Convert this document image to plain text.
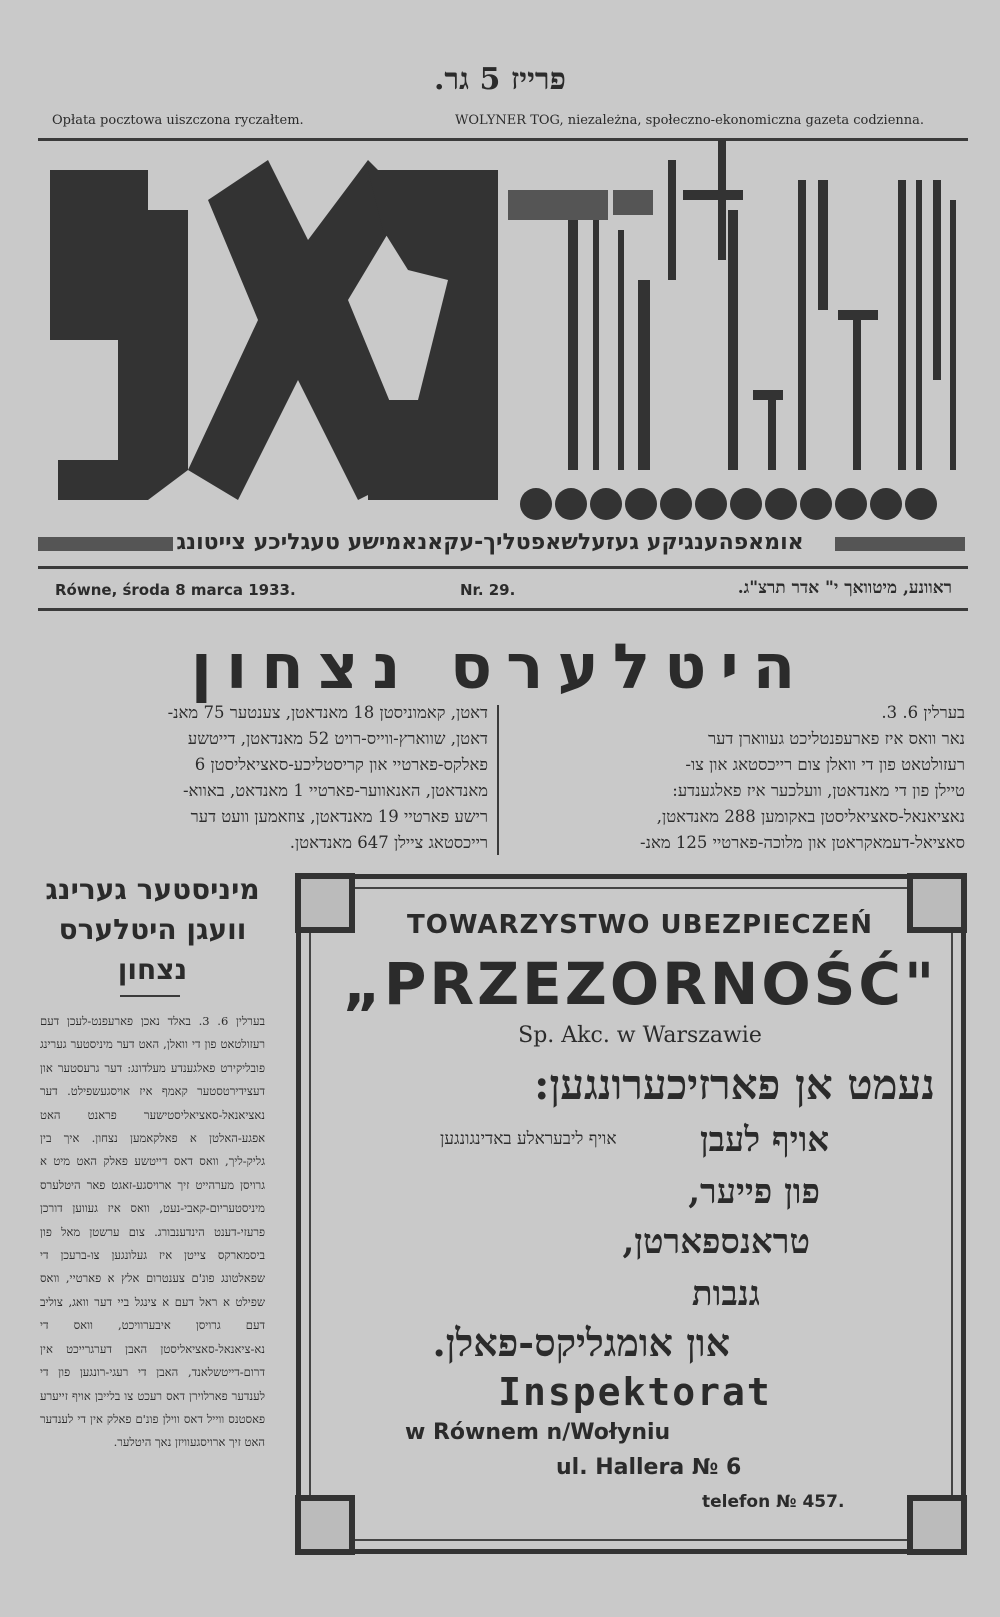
פרייז 5 גר.
Opłata pocztowa uiszczona ryczałtem.	WOLYNER TOG, niezależna, społeczno-ekonomiczna gazeta codzienna.
אומאפהענגיקע געזעלשאפטליך-עקאנאמישע טעגליכע צייטונג
Równe, środa 8 marca 1933.	Nr. 29.	ראוונע, מיטוואך י" אדר תרצ"ג.
היטלערס נצחון
בערלין 6. 3.
נאר וואס איז פארעפנטליכט געווארן דער
רעזולטאט פון די וואלן צום רייכסטאג און צו-
טיילן פון די מאנדאטן, וועלכער איז פאלגענדע:
נאציאנאל-סאציאליסטן באקומען 288 מאנדאטן,
סאציאל-דעמאקראטן און מלוכה-פארטיי 125 מאנ-
דאטן, קאמוניסטן 18 מאנדאטן, צענטער 75 מאנ-
דאטן, שווארץ-ווייס-רויט 52 מאנדאטן, דייטשע
פאלקס-פארטיי און קריסטליכע-סאציאליסטן 6
מאנדאטן, האנאווער-פארטיי 1 מאנדאט, באווא-
רישע פארטיי 19 מאנדאטן, צוזאמען וועט דער
רייכסטאג ציילן 647 מאנדאטן.
מיניסטער גערינג וועגן היטלערס נצחון
בערלין 6. 3. באלד נאכן פארעפנט-לעכן דעם רעזולטאט פון די וואלן, האט דער מיניסטער גערינג פובליקירט פאלגענדע מעלדונג: דער גרעסטער און דעצידירטסטער קאמף איז אויסגעשפילט. דער נאציאנאל-סאציאליסטישער פראנט האט אפגע-האלטן א פאלקאמען נצחון. איך בין גליק-ליך, וואס דאס דייטשע פאלק האט מיט א גרויסן מערהייט זיך ארויסגע-זאגט פאר היטלערס מיניסטעריום-קאבי-נעט, וואס איז געווען דורכן פרעזי-דענט הינדענבורג. צום ערשטן מאל פון ביסמארקס צייטן איז געלונגען צו-ברעכן די שפאלטונג פונ'ם צענטרום אלץ א פארטיי, וואס שפילט א ראל דעם א צינגל ביי דער וואג, צוליב דעם גרויסן איבערוויכט, וואס די נא-ציאנאל-סאציאליסטן האבן דערגרייכט אין דרום-דייטשלאנד, האבן די רעגי-רונגען פון די לענדער פארלוירן דאס רעכט צו בלייבן אויף זייערע פאסטנס ווייל דאס ווילן פונ'ם פאלק אין די לענדער האט זיך ארויסגעוויזן נאך היטלער.
TOWARZYSTWO UBEZPIECZEŃ
„PRZEZORNOŚĆ"
Sp. Akc. w Warszawie
נעמט אן פארזיכערונגען:
אויף ליבעראלע באדינגונגען אויף לעבן
פון פייער,
טראנספארטן,
גנבות
און אומגליקס-פאלן.
Inspektorat
w Równem n/Wołyniu
ul. Hallera № 6
telefon № 457.
